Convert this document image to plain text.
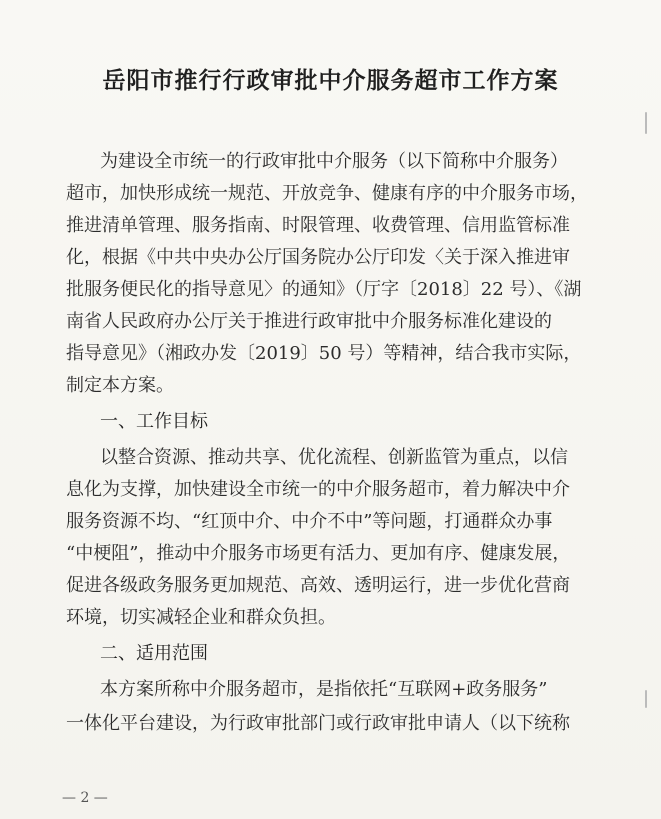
岳阳市推行行政审批中介服务超市工作方案
为建设全市统一的行政审批中介服务（以下简称中介服务）
超市，加快形成统一规范、开放竞争、健康有序的中介服务市场，
推进清单管理、服务指南、时限管理、收费管理、信用监管标准
化，根据《中共中央办公厅国务院办公厅印发〈关于深入推进审
批服务便民化的指导意见〉的通知》（厅字〔2018〕22 号）、《湖
南省人民政府办公厅关于推进行政审批中介服务标准化建设的
指导意见》（湘政办发〔2019〕50 号）等精神，结合我市实际，
制定本方案。
一、工作目标
以整合资源、推动共享、优化流程、创新监管为重点，以信
息化为支撑，加快建设全市统一的中介服务超市，着力解决中介
服务资源不均、“红顶中介、中介不中”等问题，打通群众办事
“中梗阻”，推动中介服务市场更有活力、更加有序、健康发展，
促进各级政务服务更加规范、高效、透明运行，进一步优化营商
环境，切实减轻企业和群众负担。
二、适用范围
本方案所称中介服务超市，是指依托“互联网+政务服务”
一体化平台建设，为行政审批部门或行政审批申请人（以下统称
— 2 —
